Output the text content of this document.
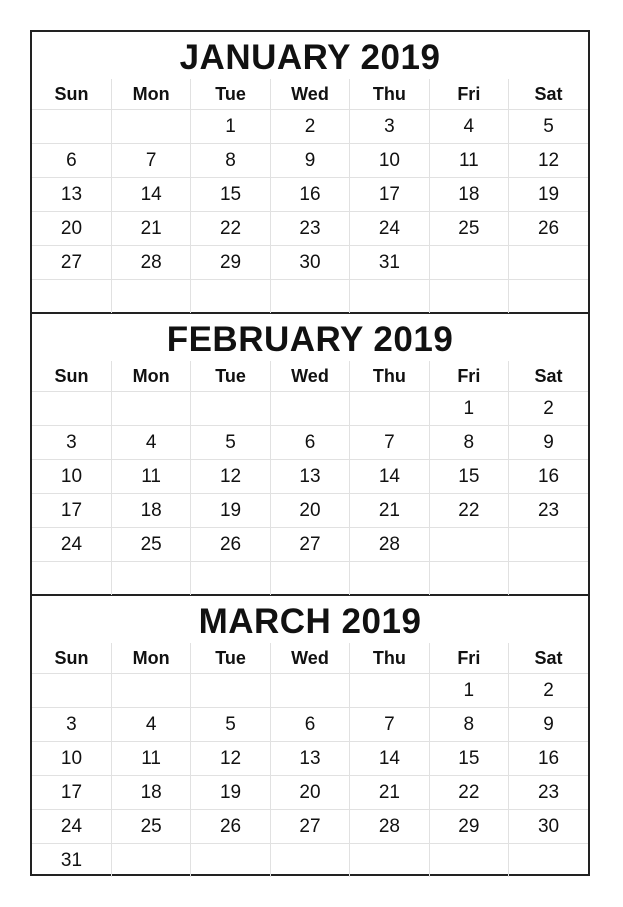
JANUARY 2019
Sun	Mon	Tue	Wed	Thu	Fri	Sat
		1	2	3	4	5
6	7	8	9	10	11	12
13	14	15	16	17	18	19
20	21	22	23	24	25	26
27	28	29	30	31		

FEBRUARY 2019
Sun	Mon	Tue	Wed	Thu	Fri	Sat
					1	2
3	4	5	6	7	8	9
10	11	12	13	14	15	16
17	18	19	20	21	22	23
24	25	26	27	28		

MARCH 2019
Sun	Mon	Tue	Wed	Thu	Fri	Sat
					1	2
3	4	5	6	7	8	9
10	11	12	13	14	15	16
17	18	19	20	21	22	23
24	25	26	27	28	29	30
31						
